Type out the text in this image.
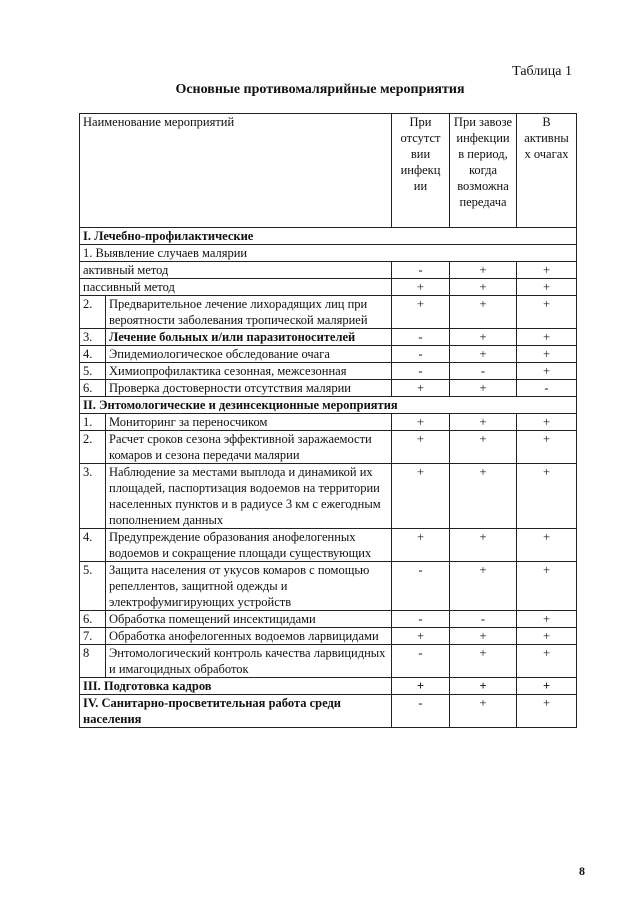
Таблица 1
Основные противомалярийные мероприятия
Наименование мероприятий		При отсутст вии инфекц ии	При завозе инфекции в период, когда возможна передача	В активны х очагах
I. Лечебно-профилактические				
1. Выявление случаев малярии				
активный метод		-	+	+
пассивный метод		+	+	+
2.	Предварительное лечение лихорадящих лиц при вероятности заболевания тропической малярией	+	+	+
3.	Лечение больных и/или паразитоносителей	-	+	+
4.	Эпидемиологическое обследование очага	-	+	+
5.	Химиопрофилактика сезонная, межсезонная	-	-	+
6.	Проверка достоверности отсутствия малярии	+	+	-
II. Энтомологические и дезинсекционные мероприятия				
1.	Мониторинг за переносчиком	+	+	+
2.	Расчет сроков сезона эффективной заражаемости комаров и сезона передачи малярии	+	+	+
3.	Наблюдение за местами выплода и динамикой их площадей, паспортизация водоемов на территории населенных пунктов и в радиусе 3 км с ежегодным пополнением данных	+	+	+
4.	Предупреждение образования анофелогенных водоемов и сокращение площади существующих	+	+	+
5.	Защита населения от укусов комаров с помощью репеллентов, защитной одежды и электрофумигирующих устройств	-	+	+
6.	Обработка помещений инсектицидами	-	-	+
7.	Обработка анофелогенных водоемов ларвицидами	+	+	+
8	Энтомологический контроль качества ларвицидных и имагоцидных обработок	-	+	+
III. Подготовка кадров		+	+	+
IV. Санитарно-просветительная работа среди населения		-	+	+
8
